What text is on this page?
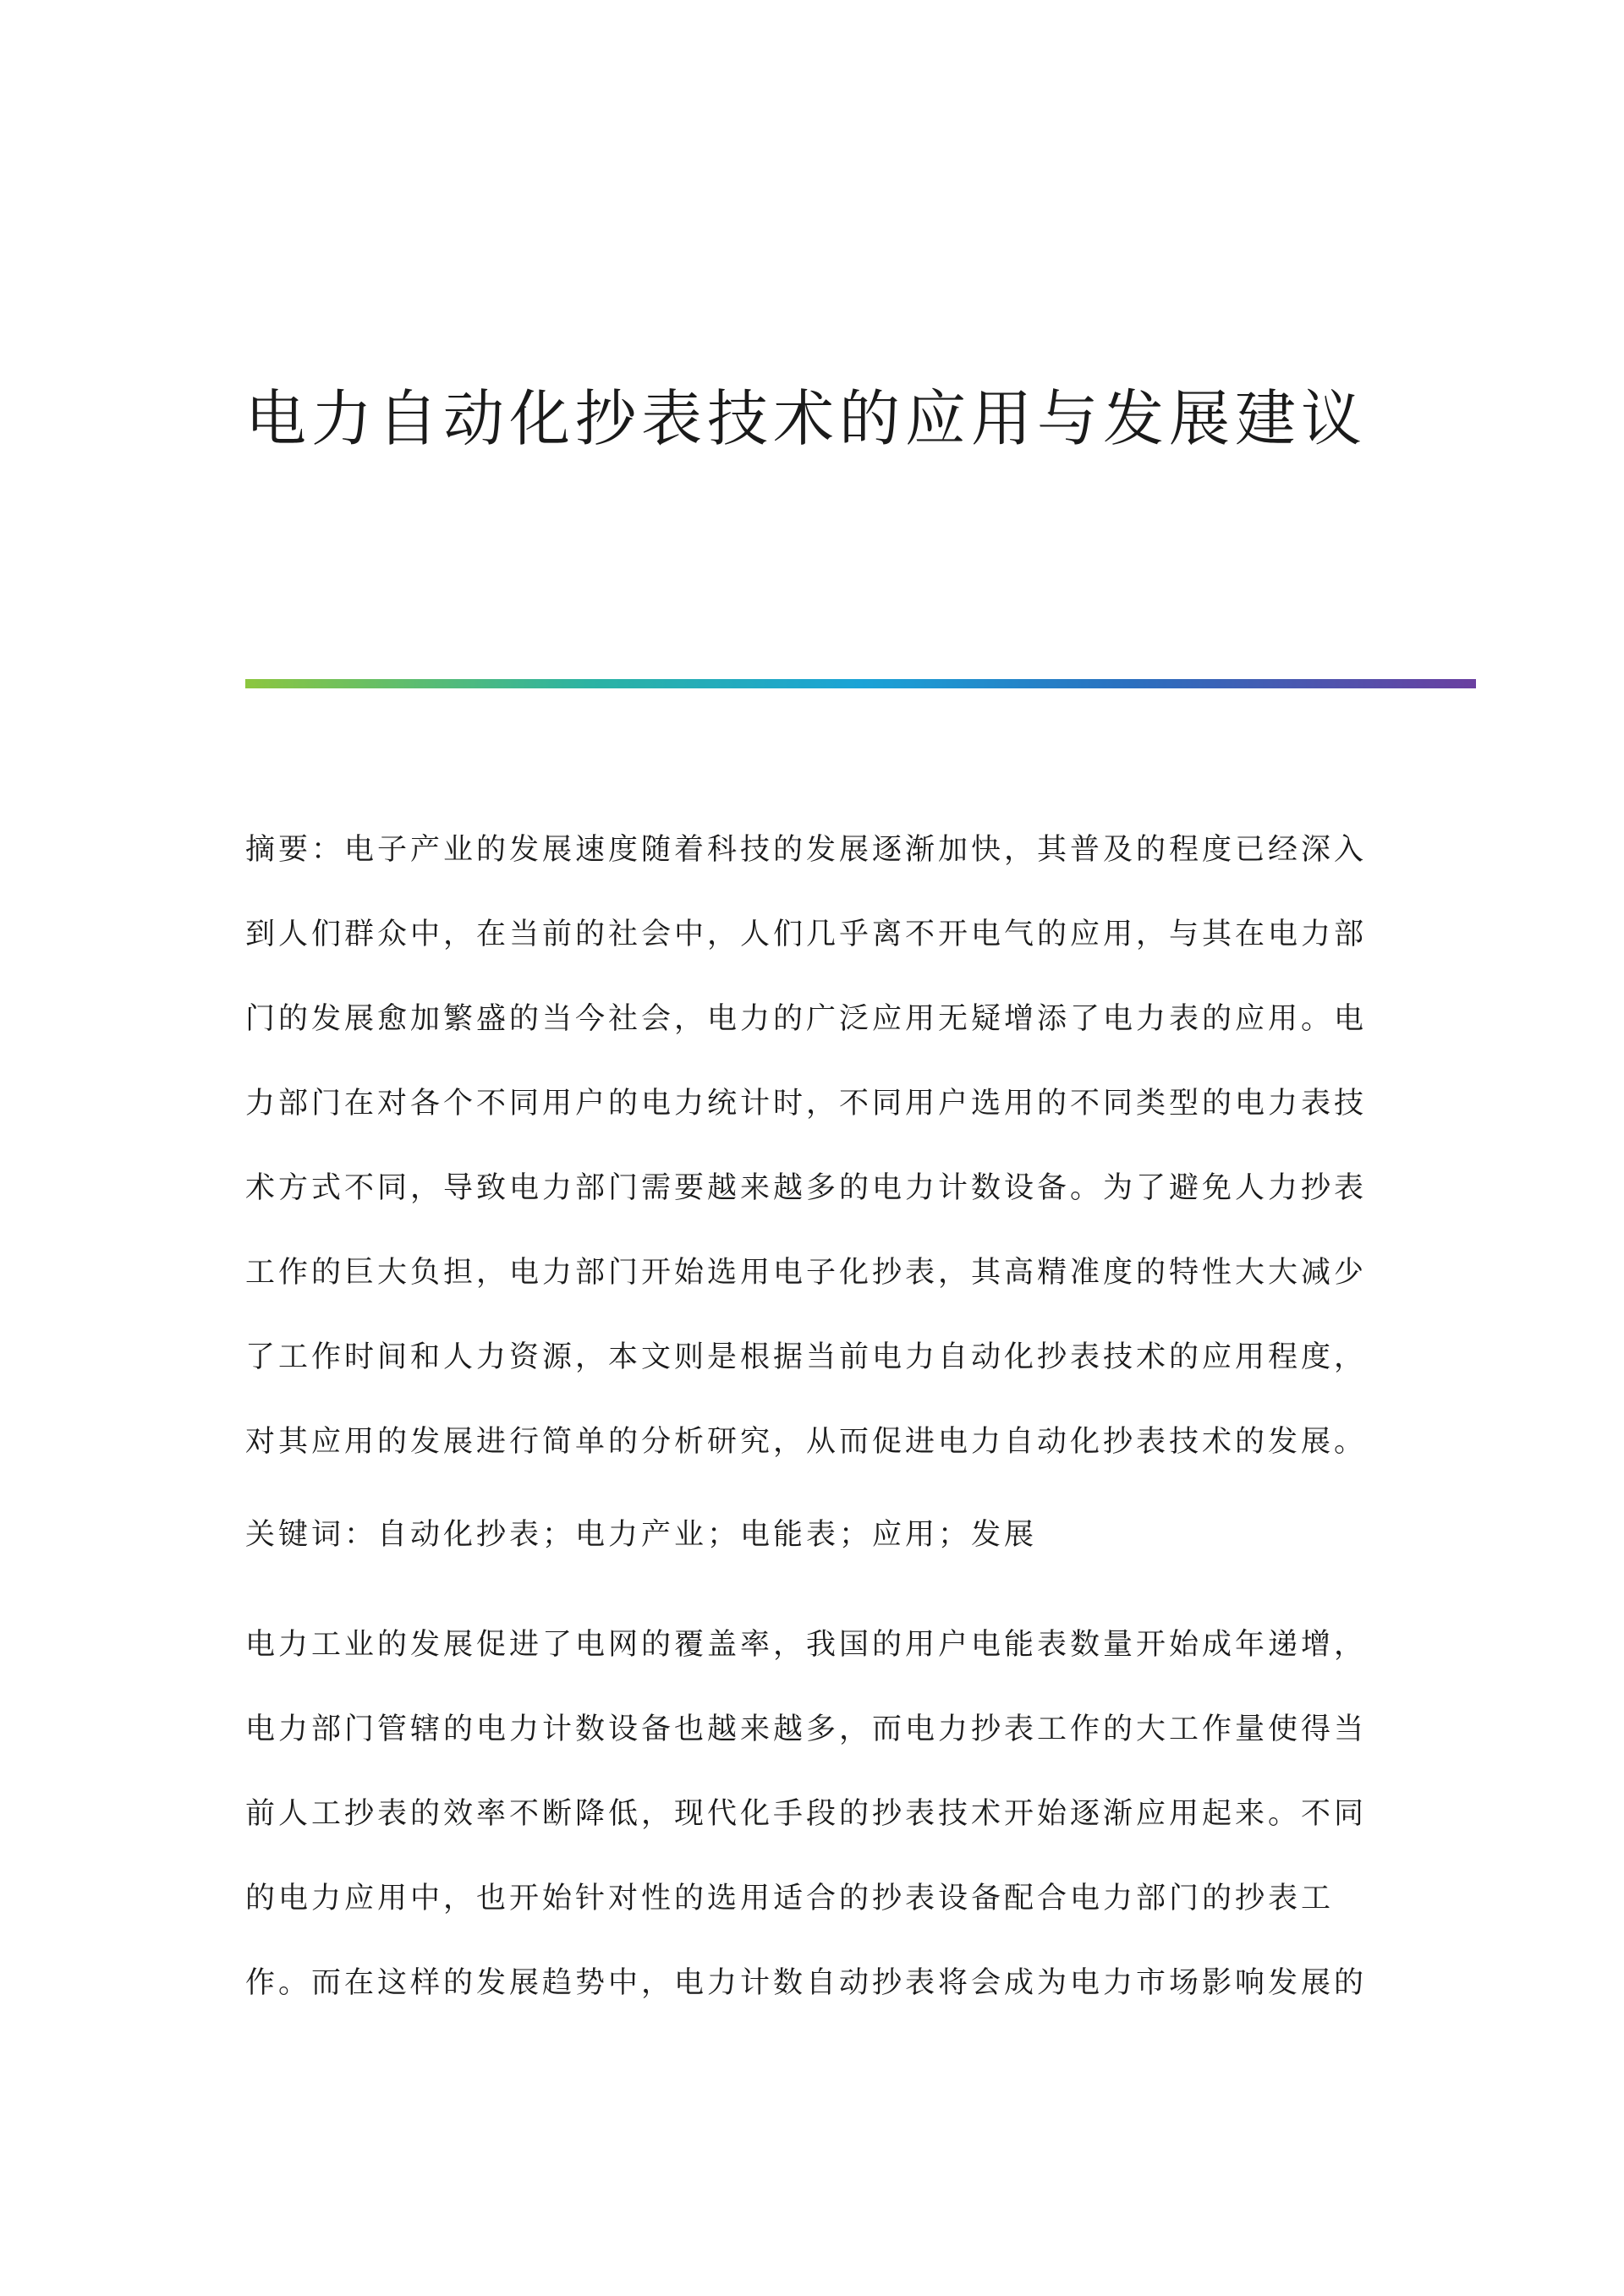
电力自动化抄表技术的应用与发展建议
摘要：电子产业的发展速度随着科技的发展逐渐加快，其普及的程度已经深入
到人们群众中，在当前的社会中，人们几乎离不开电气的应用，与其在电力部
门的发展愈加繁盛的当今社会，电力的广泛应用无疑增添了电力表的应用。电
力部门在对各个不同用户的电力统计时，不同用户选用的不同类型的电力表技
术方式不同，导致电力部门需要越来越多的电力计数设备。为了避免人力抄表
工作的巨大负担，电力部门开始选用电子化抄表，其高精准度的特性大大减少
了工作时间和人力资源，本文则是根据当前电力自动化抄表技术的应用程度，
对其应用的发展进行简单的分析研究，从而促进电力自动化抄表技术的发展。
关键词：自动化抄表；电力产业；电能表；应用；发展
电力工业的发展促进了电网的覆盖率，我国的用户电能表数量开始成年递增，
电力部门管辖的电力计数设备也越来越多，而电力抄表工作的大工作量使得当
前人工抄表的效率不断降低，现代化手段的抄表技术开始逐渐应用起来。不同
的电力应用中，也开始针对性的选用适合的抄表设备配合电力部门的抄表工
作。而在这样的发展趋势中，电力计数自动抄表将会成为电力市场影响发展的
